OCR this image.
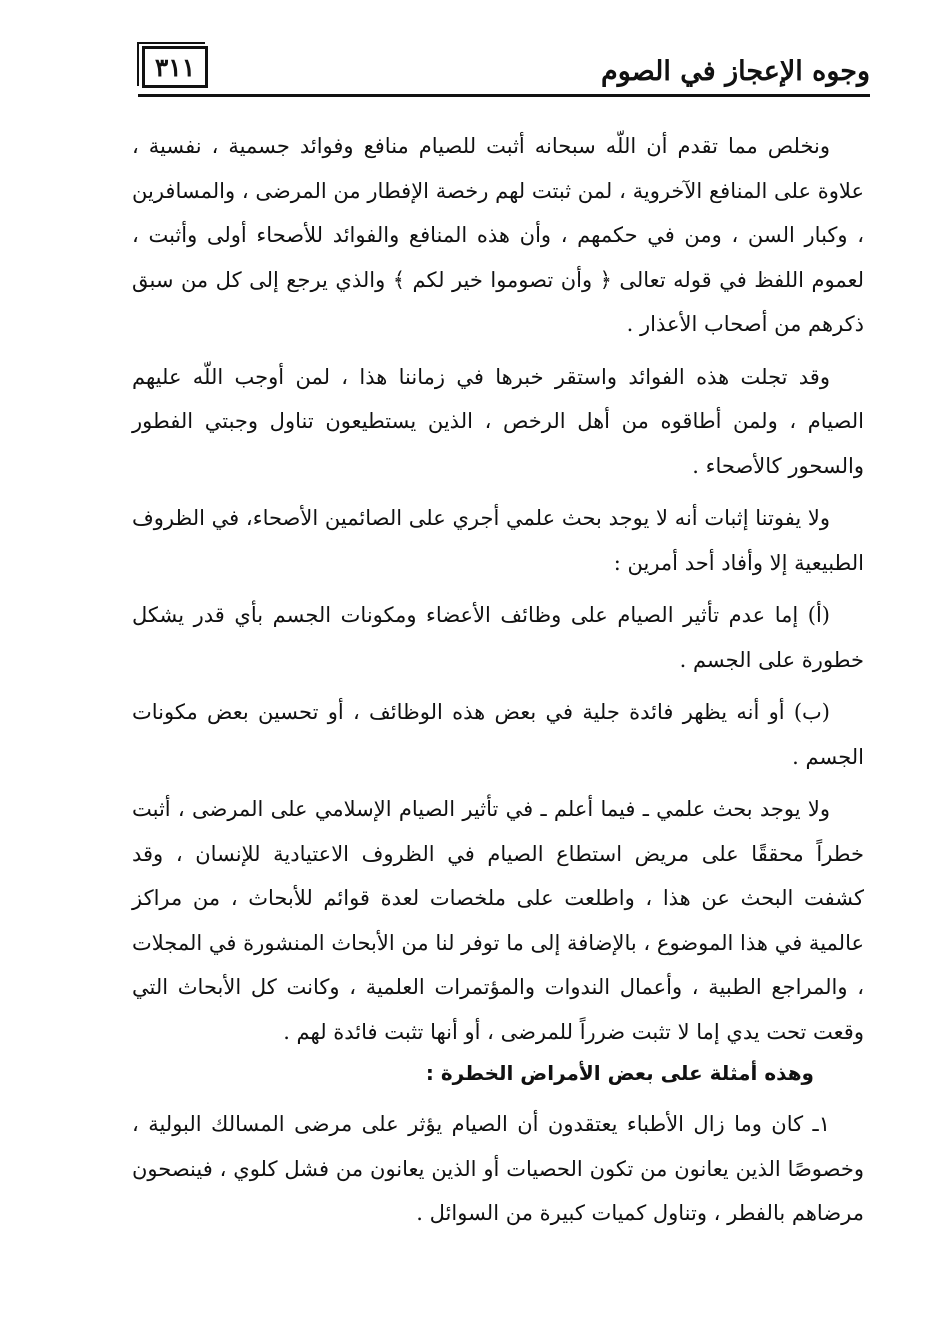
٣١١	وجوه الإعجاز في الصوم

ونخلص مما تقدم أن اللّه سبحانه أثبت للصيام منافع وفوائد جسمية ، نفسية ، علاوة على المنافع الآخروية ، لمن ثبتت لهم رخصة الإفطار من المرضى ، والمسافرين ، وكبار السن ، ومن في حكمهم ، وأن هذه المنافع والفوائد للأصحاء أولى وأثبت ، لعموم اللفظ في قوله تعالى ﴿ وأن تصوموا خير لكم ﴾ والذي يرجع إلى كل من سبق ذكرهم من أصحاب الأعذار .

وقد تجلت هذه الفوائد واستقر خبرها في زماننا هذا ، لمن أوجب اللّه عليهم الصيام ، ولمن أطاقوه من أهل الرخص ، الذين يستطيعون تناول وجبتي الفطور والسحور كالأصحاء .

ولا يفوتنا إثبات أنه لا يوجد بحث علمي أجري على الصائمين الأصحاء، في الظروف الطبيعية إلا وأفاد أحد أمرين :

(أ) إما عدم تأثير الصيام على وظائف الأعضاء ومكونات الجسم بأي قدر يشكل خطورة على الجسم .

(ب) أو أنه يظهر فائدة جلية في بعض هذه الوظائف ، أو تحسين بعض مكونات الجسم .

ولا يوجد بحث علمي ـ فيما أعلم ـ في تأثير الصيام الإسلامي على المرضى ، أثبت خطراً محققًا على مريض استطاع الصيام في الظروف الاعتيادية للإنسان ، وقد كشفت البحث عن هذا ، واطلعت على ملخصات لعدة قوائم للأبحاث ، من مراكز عالمية في هذا الموضوع ، بالإضافة إلى ما توفر لنا من الأبحاث المنشورة في المجلات ، والمراجع الطبية ، وأعمال الندوات والمؤتمرات العلمية ، وكانت كل الأبحاث التي وقعت تحت يدي إما لا تثبت ضرراً للمرضى ، أو أنها تثبت فائدة لهم .

وهذه أمثلة على بعض الأمراض الخطرة :

١ـ كان وما زال الأطباء يعتقدون أن الصيام يؤثر على مرضى المسالك البولية ، وخصوصًا الذين يعانون من تكون الحصيات أو الذين يعانون من فشل كلوي ، فينصحون مرضاهم بالفطر ، وتناول كميات كبيرة من السوائل .
